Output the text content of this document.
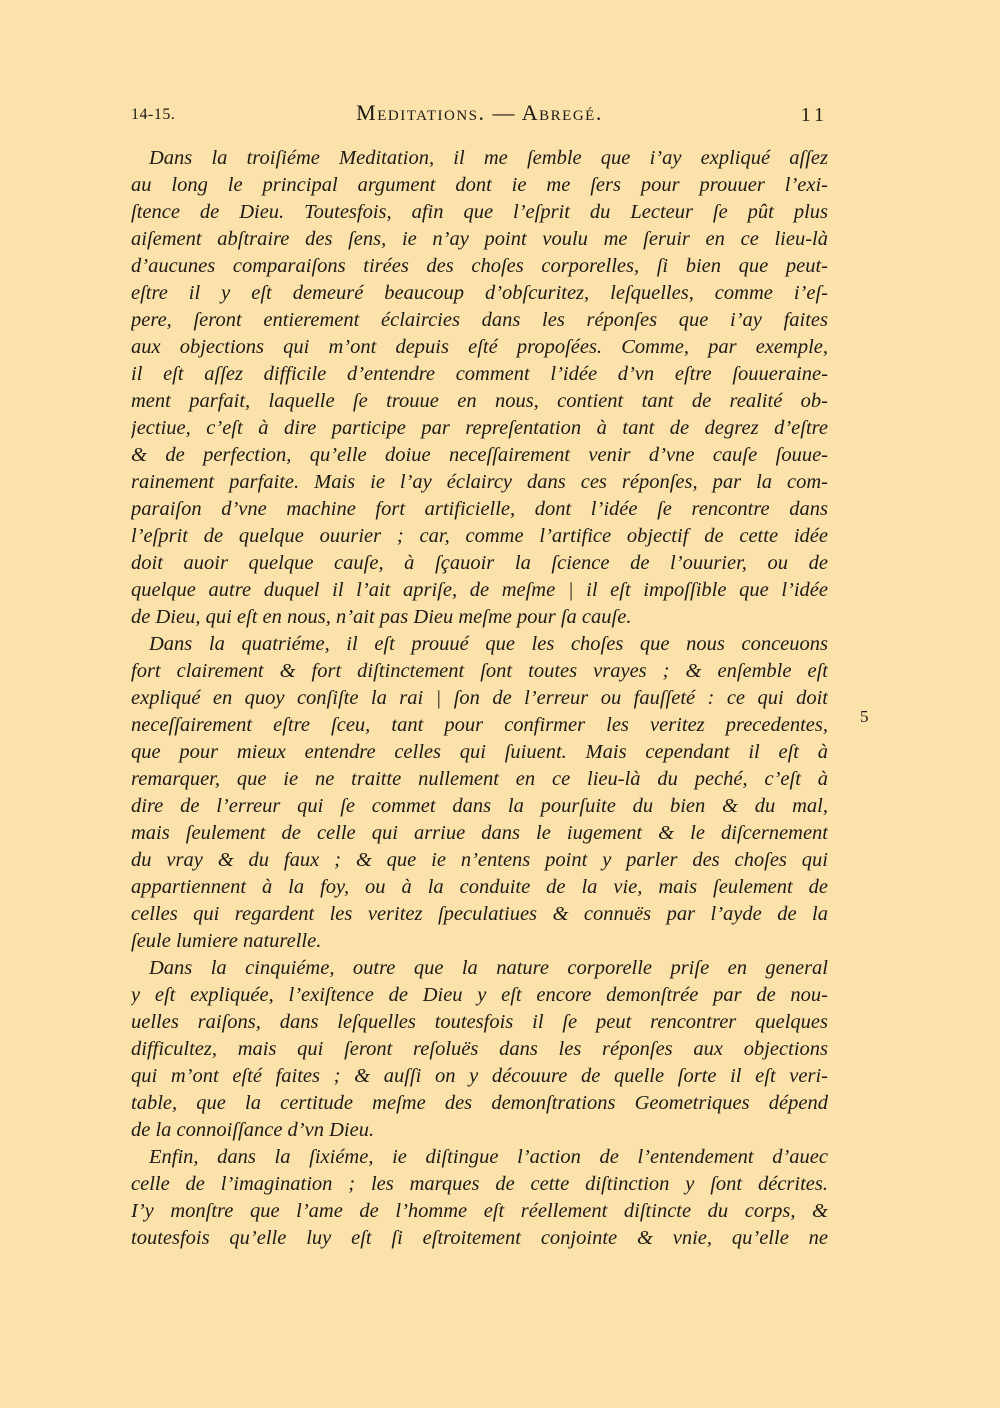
14-15.	Meditations. — Abregé.	11
Dans la troiſiéme Meditation, il me ſemble que i’ay expliqué aſſez
au long le principal argument dont ie me ſers pour prouuer l’exi-
ſtence de Dieu. Toutesfois, afin que l’eſprit du Lecteur ſe pût plus
aiſement abſtraire des ſens, ie n’ay point voulu me ſeruir en ce lieu-là
d’aucunes comparaiſons tirées des choſes corporelles, ſi bien que peut-
eſtre il y eſt demeuré beaucoup d’obſcuritez, leſquelles, comme i’eſ-
pere, ſeront entierement éclaircies dans les réponſes que i’ay faites
aux objections qui m’ont depuis eſté propoſées. Comme, par exemple,
il eſt aſſez difficile d’entendre comment l’idée d’vn eſtre ſouueraine-
ment parfait, laquelle ſe trouue en nous, contient tant de realité ob-
jectiue, c’eſt à dire participe par repreſentation à tant de degrez d’eſtre
& de perfection, qu’elle doiue neceſſairement venir d’vne cauſe ſouue-
rainement parfaite. Mais ie l’ay éclaircy dans ces réponſes, par la com-
paraiſon d’vne machine fort artificielle, dont l’idée ſe rencontre dans
l’eſprit de quelque ouurier ; car, comme l’artifice objectif de cette idée
doit auoir quelque cauſe, à ſçauoir la ſcience de l’ouurier, ou de
quelque autre duquel il l’ait apriſe, de meſme | il eſt impoſſible que l’idée
de Dieu, qui eſt en nous, n’ait pas Dieu meſme pour ſa cauſe.
Dans la quatriéme, il eſt prouué que les choſes que nous conceuons
fort clairement & fort diſtinctement ſont toutes vrayes ; & enſemble eſt
expliqué en quoy conſiſte la rai | ſon de l’erreur ou fauſſeté : ce qui doit
neceſſairement eſtre ſceu, tant pour confirmer les veritez precedentes,
que pour mieux entendre celles qui ſuiuent. Mais cependant il eſt à
remarquer, que ie ne traitte nullement en ce lieu-là du peché, c’eſt à
dire de l’erreur qui ſe commet dans la pourſuite du bien & du mal,
mais ſeulement de celle qui arriue dans le iugement & le diſcernement
du vray & du faux ; & que ie n’entens point y parler des choſes qui
appartiennent à la foy, ou à la conduite de la vie, mais ſeulement de
celles qui regardent les veritez ſpeculatiues & connuës par l’ayde de la
ſeule lumiere naturelle.
Dans la cinquiéme, outre que la nature corporelle priſe en general
y eſt expliquée, l’exiſtence de Dieu y eſt encore demonſtrée par de nou-
uelles raiſons, dans leſquelles toutesfois il ſe peut rencontrer quelques
difficultez, mais qui ſeront reſoluës dans les réponſes aux objections
qui m’ont eſté faites ; & auſſi on y découure de quelle ſorte il eſt veri-
table, que la certitude meſme des demonſtrations Geometriques dépend
de la connoiſſance d’vn Dieu.
Enfin, dans la ſixiéme, ie diſtingue l’action de l’entendement d’auec
celle de l’imagination ; les marques de cette diſtinction y ſont décrites.
I’y monſtre que l’ame de l’homme eſt réellement diſtincte du corps, &
toutesfois qu’elle luy eſt ſi eſtroitement conjointe & vnie, qu’elle ne
5
